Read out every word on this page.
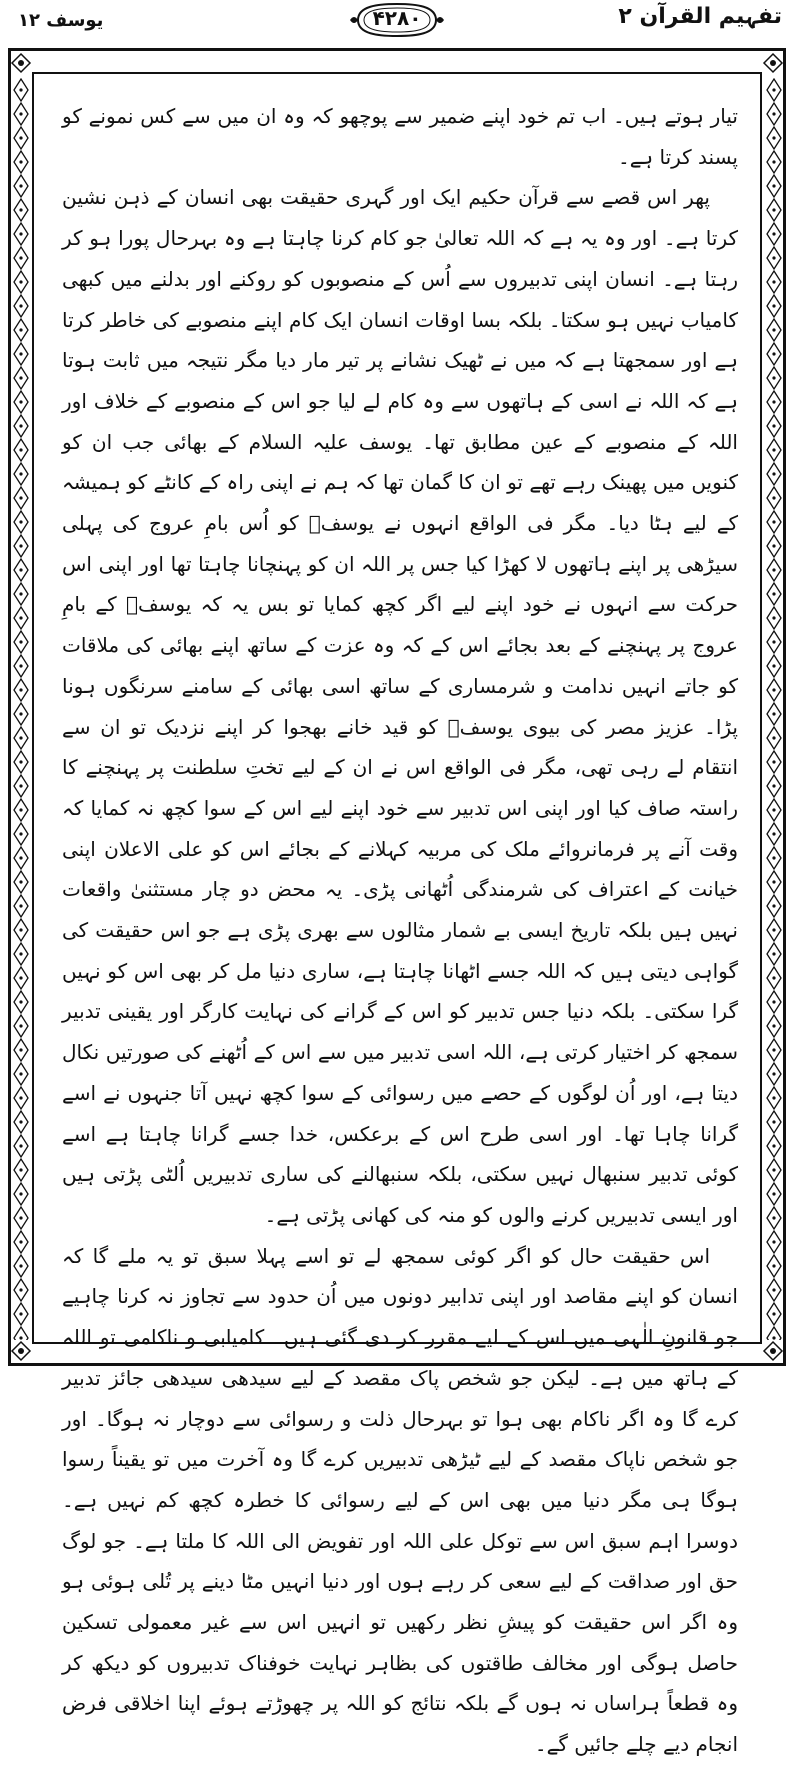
تفہیم القرآن ۲
۴۲۸۰
یوسف ۱۲

تیار ہوتے ہیں۔ اب تم خود اپنے ضمیر سے پوچھو کہ وہ ان میں سے کس نمونے کو پسند کرتا ہے۔

پھر اس قصے سے قرآن حکیم ایک اور گہری حقیقت بھی انسان کے ذہن نشین کرتا ہے۔ اور وہ یہ ہے کہ اللہ تعالیٰ جو کام کرنا چاہتا ہے وہ بہرحال پورا ہو کر رہتا ہے۔ انسان اپنی تدبیروں سے اُس کے منصوبوں کو روکنے اور بدلنے میں کبھی کامیاب نہیں ہو سکتا۔ بلکہ بسا اوقات انسان ایک کام اپنے منصوبے کی خاطر کرتا ہے اور سمجھتا ہے کہ میں نے ٹھیک نشانے پر تیر مار دیا مگر نتیجہ میں ثابت ہوتا ہے کہ اللہ نے اسی کے ہاتھوں سے وہ کام لے لیا جو اس کے منصوبے کے خلاف اور اللہ کے منصوبے کے عین مطابق تھا۔ یوسف علیہ السلام کے بھائی جب ان کو کنویں میں پھینک رہے تھے تو ان کا گمان تھا کہ ہم نے اپنی راہ کے کانٹے کو ہمیشہ کے لیے ہٹا دیا۔ مگر فی الواقع انہوں نے یوسفؑ کو اُس بامِ عروج کی پہلی سیڑھی پر اپنے ہاتھوں لا کھڑا کیا جس پر اللہ ان کو پہنچانا چاہتا تھا اور اپنی اس حرکت سے انہوں نے خود اپنے لیے اگر کچھ کمایا تو بس یہ کہ یوسفؑ کے بامِ عروج پر پہنچنے کے بعد بجائے اس کے کہ وہ عزت کے ساتھ اپنے بھائی کی ملاقات کو جاتے انہیں ندامت و شرمساری کے ساتھ اسی بھائی کے سامنے سرنگوں ہونا پڑا۔ عزیز مصر کی بیوی یوسفؑ کو قید خانے بھجوا کر اپنے نزدیک تو ان سے انتقام لے رہی تھی، مگر فی الواقع اس نے ان کے لیے تختِ سلطنت پر پہنچنے کا راستہ صاف کیا اور اپنی اس تدبیر سے خود اپنے لیے اس کے سوا کچھ نہ کمایا کہ وقت آنے پر فرمانروائے ملک کی مربیہ کہلانے کے بجائے اس کو علی الاعلان اپنی خیانت کے اعتراف کی شرمندگی اُٹھانی پڑی۔ یہ محض دو چار مستثنیٰ واقعات نہیں ہیں بلکہ تاریخ ایسی بے شمار مثالوں سے بھری پڑی ہے جو اس حقیقت کی گواہی دیتی ہیں کہ اللہ جسے اٹھانا چاہتا ہے، ساری دنیا مل کر بھی اس کو نہیں گرا سکتی۔ بلکہ دنیا جس تدبیر کو اس کے گرانے کی نہایت کارگر اور یقینی تدبیر سمجھ کر اختیار کرتی ہے، اللہ اسی تدبیر میں سے اس کے اُٹھنے کی صورتیں نکال دیتا ہے، اور اُن لوگوں کے حصے میں رسوائی کے سوا کچھ نہیں آتا جنہوں نے اسے گرانا چاہا تھا۔ اور اسی طرح اس کے برعکس، خدا جسے گرانا چاہتا ہے اسے کوئی تدبیر سنبھال نہیں سکتی، بلکہ سنبھالنے کی ساری تدبیریں اُلٹی پڑتی ہیں اور ایسی تدبیریں کرنے والوں کو منہ کی کھانی پڑتی ہے۔

اس حقیقت حال کو اگر کوئی سمجھ لے تو اسے پہلا سبق تو یہ ملے گا کہ انسان کو اپنے مقاصد اور اپنی تدابیر دونوں میں اُن حدود سے تجاوز نہ کرنا چاہیے جو قانونِ الٰہی میں اس کے لیے مقرر کر دی گئی ہیں۔ کامیابی و ناکامی تو اللہ کے ہاتھ میں ہے۔ لیکن جو شخص پاک مقصد کے لیے سیدھی سیدھی جائز تدبیر کرے گا وہ اگر ناکام بھی ہوا تو بہرحال ذلت و رسوائی سے دوچار نہ ہوگا۔ اور جو شخص ناپاک مقصد کے لیے ٹیڑھی تدبیریں کرے گا وہ آخرت میں تو یقیناً رسوا ہوگا ہی مگر دنیا میں بھی اس کے لیے رسوائی کا خطرہ کچھ کم نہیں ہے۔ دوسرا اہم سبق اس سے توکل علی اللہ اور تفویض الی اللہ کا ملتا ہے۔ جو لوگ حق اور صداقت کے لیے سعی کر رہے ہوں اور دنیا انہیں مٹا دینے پر تُلی ہوئی ہو وہ اگر اس حقیقت کو پیشِ نظر رکھیں تو انہیں اس سے غیر معمولی تسکین حاصل ہوگی اور مخالف طاقتوں کی بظاہر نہایت خوفناک تدبیروں کو دیکھ کر وہ قطعاً ہراساں نہ ہوں گے بلکہ نتائج کو اللہ پر چھوڑتے ہوئے اپنا اخلاقی فرض انجام دیے چلے جائیں گے۔
